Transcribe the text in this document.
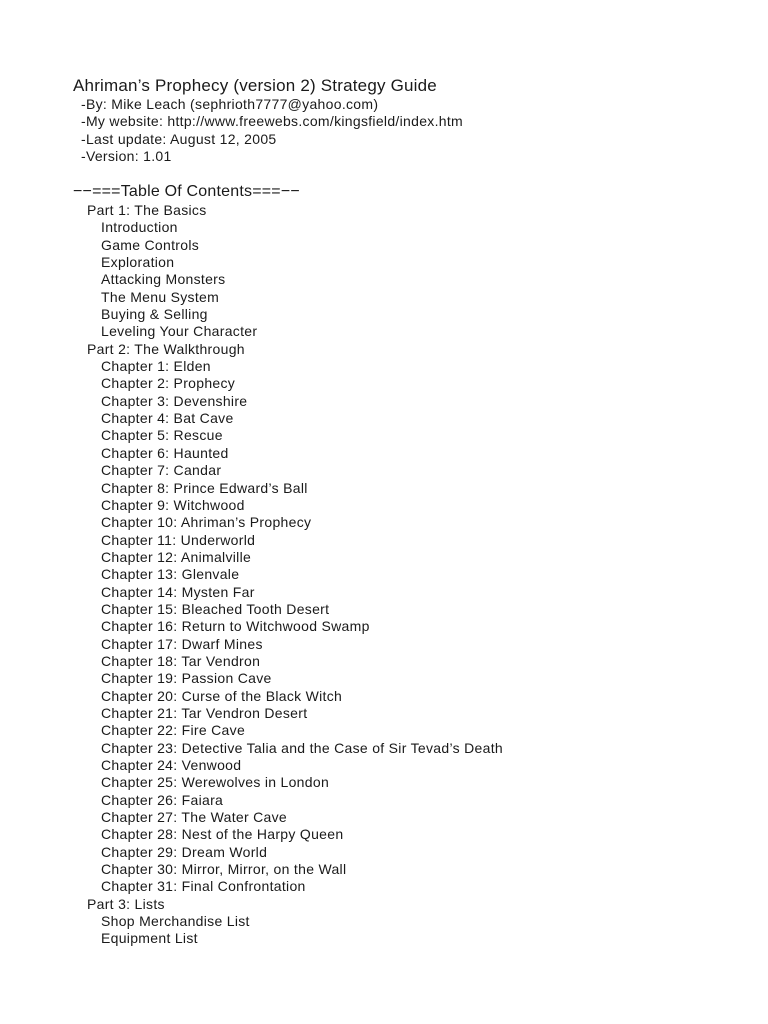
Ahriman’s Prophecy (version 2) Strategy Guide
-By: Mike Leach (sephrioth7777@yahoo.com)
-My website: http://www.freewebs.com/kingsfield/index.htm
-Last update: August 12, 2005
-Version: 1.01
−−===Table Of Contents===−−
Part 1: The Basics
Introduction
Game Controls
Exploration
Attacking Monsters
The Menu System
Buying & Selling
Leveling Your Character
Part 2: The Walkthrough
Chapter 1: Elden
Chapter 2: Prophecy
Chapter 3: Devenshire
Chapter 4: Bat Cave
Chapter 5: Rescue
Chapter 6: Haunted
Chapter 7: Candar
Chapter 8: Prince Edward’s Ball
Chapter 9: Witchwood
Chapter 10: Ahriman’s Prophecy
Chapter 11: Underworld
Chapter 12: Animalville
Chapter 13: Glenvale
Chapter 14: Mysten Far
Chapter 15: Bleached Tooth Desert
Chapter 16: Return to Witchwood Swamp
Chapter 17: Dwarf Mines
Chapter 18: Tar Vendron
Chapter 19: Passion Cave
Chapter 20: Curse of the Black Witch
Chapter 21: Tar Vendron Desert
Chapter 22: Fire Cave
Chapter 23: Detective Talia and the Case of Sir Tevad’s Death
Chapter 24: Venwood
Chapter 25: Werewolves in London
Chapter 26: Faiara
Chapter 27: The Water Cave
Chapter 28: Nest of the Harpy Queen
Chapter 29: Dream World
Chapter 30: Mirror, Mirror, on the Wall
Chapter 31: Final Confrontation
Part 3: Lists
Shop Merchandise List
Equipment List
